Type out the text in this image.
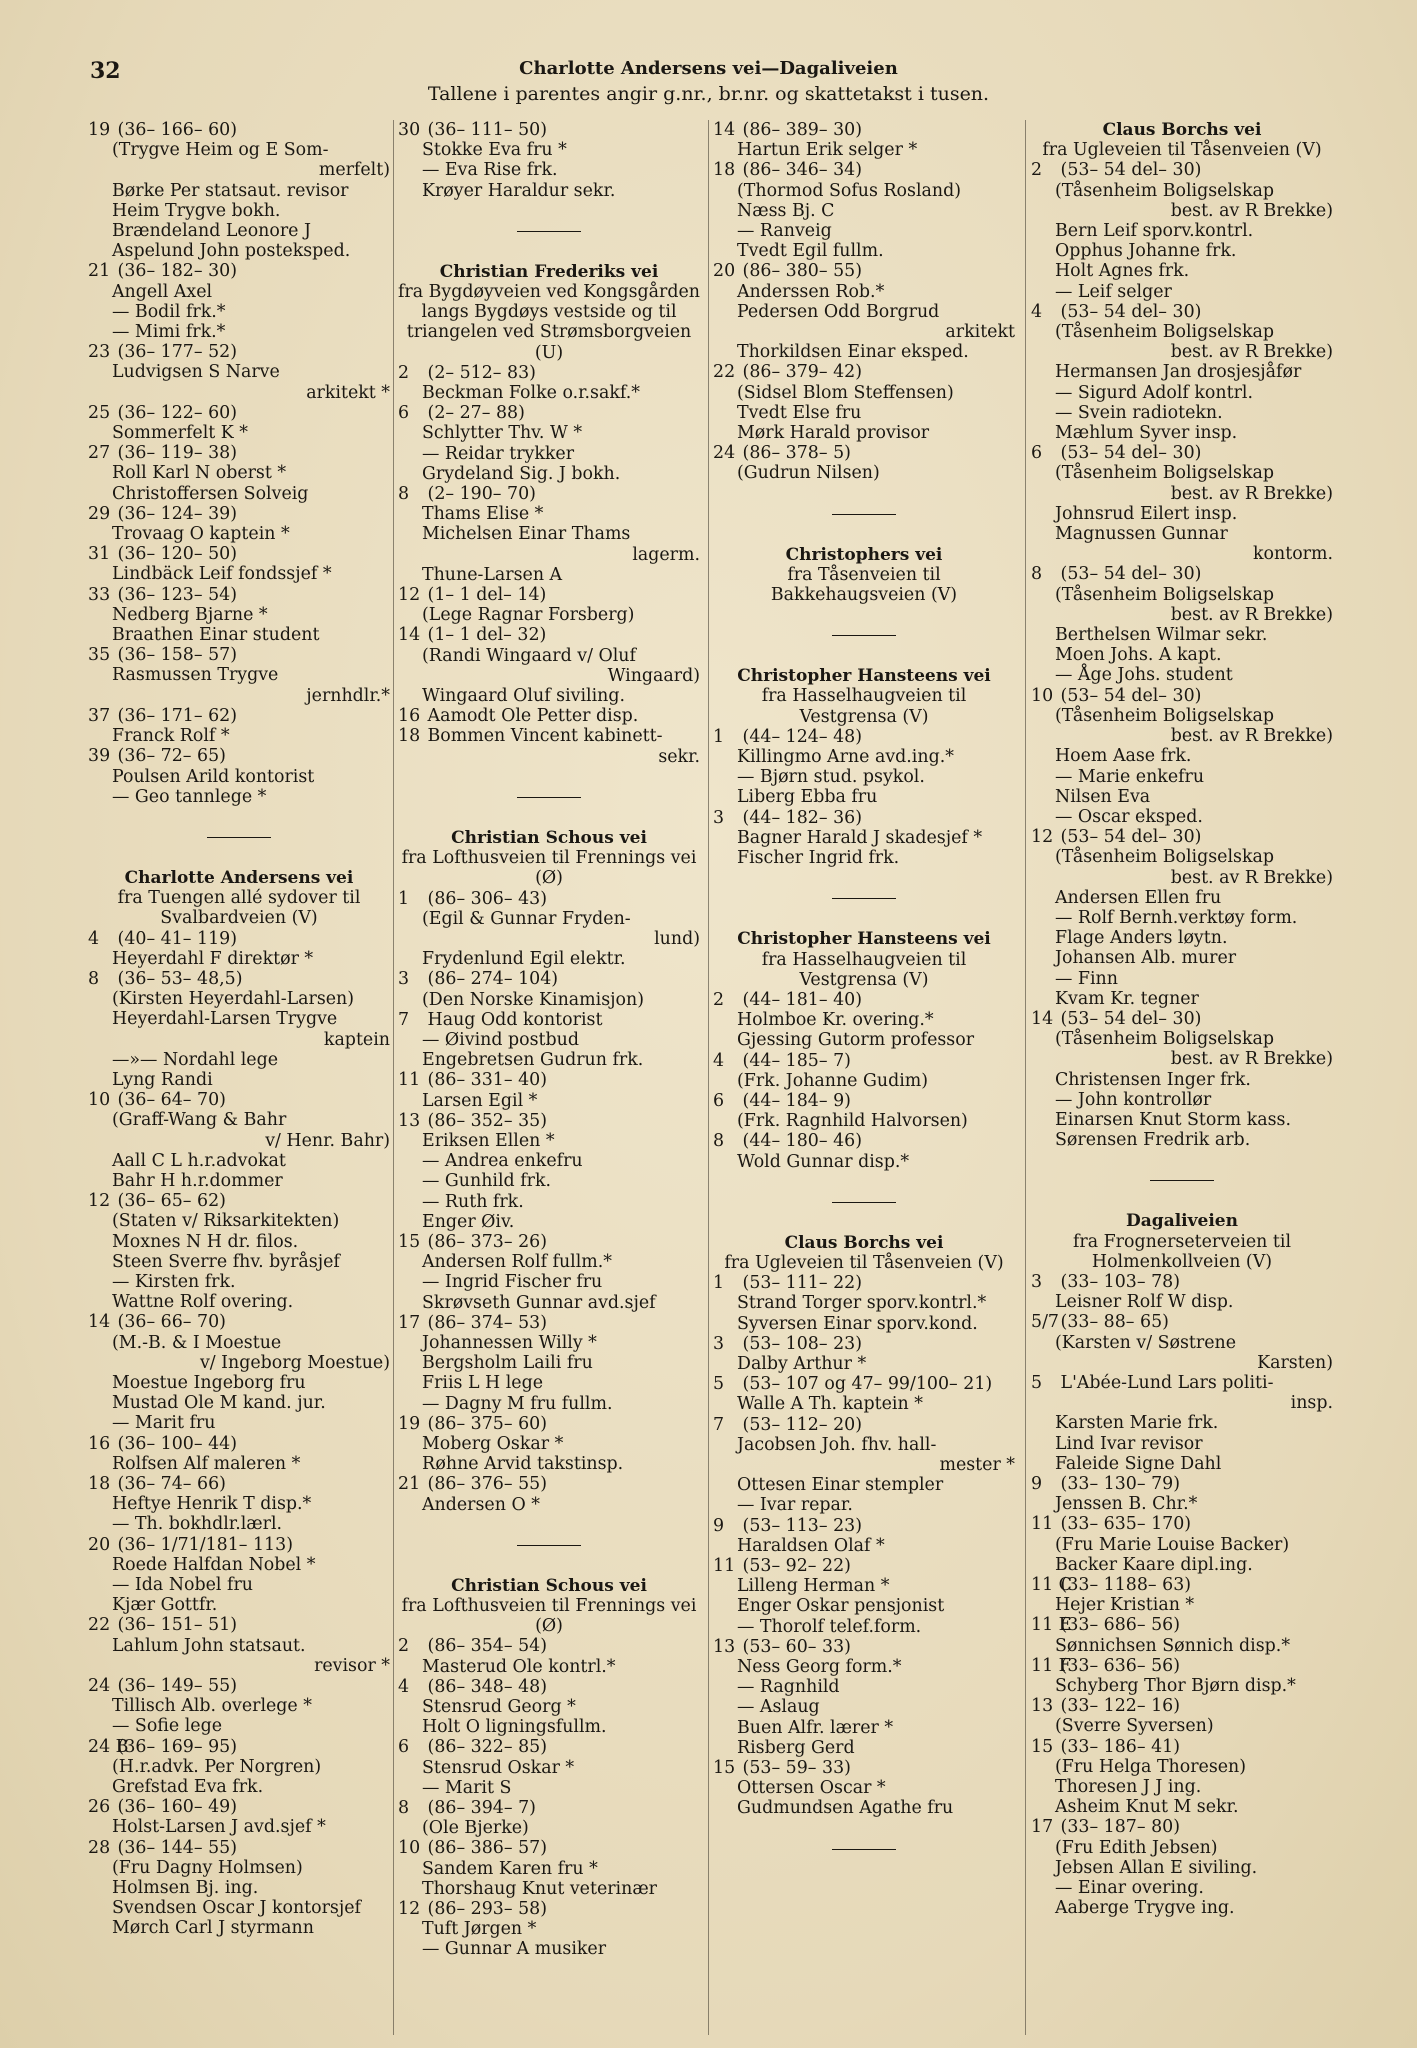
32	Charlotte Andersens vei—Dagaliveien
Tallene i parentes angir g.nr., br.nr. og skattetakst i tusen.
19 (36– 166– 60)
(Trygve Heim og E Som-
merfelt)
Børke Per statsaut. revisor
Heim Trygve bokh.
Brændeland Leonore J
Aspelund John posteksped.
21 (36– 182– 30)
Angell Axel
— Bodil frk.*
— Mimi frk.*
23 (36– 177– 52)
Ludvigsen S Narve
arkitekt *
25 (36– 122– 60)
Sommerfelt K *
27 (36– 119– 38)
Roll Karl N oberst *
Christoffersen Solveig
29 (36– 124– 39)
Trovaag O kaptein *
31 (36– 120– 50)
Lindbäck Leif fondssjef *
33 (36– 123– 54)
Nedberg Bjarne *
Braathen Einar student
35 (36– 158– 57)
Rasmussen Trygve
jernhdlr.*
37 (36– 171– 62)
Franck Rolf *
39 (36– 72– 65)
Poulsen Arild kontorist
— Geo tannlege *
Charlotte Andersens vei
fra Tuengen allé sydover til Svalbardveien (V)
4 (40– 41– 119)
Heyerdahl F direktør *
8 (36– 53– 48,5)
(Kirsten Heyerdahl-Larsen)
Heyerdahl-Larsen Trygve
kaptein
—»— Nordahl lege
Lyng Randi
10 (36– 64– 70)
(Graff-Wang & Bahr
v/ Henr. Bahr)
Aall C L h.r.advokat
Bahr H h.r.dommer
12 (36– 65– 62)
(Staten v/ Riksarkitekten)
Moxnes N H dr. filos.
Steen Sverre fhv. byråsjef
— Kirsten frk.
Wattne Rolf overing.
14 (36– 66– 70)
(M.-B. & I Moestue
v/ Ingeborg Moestue)
Moestue Ingeborg fru
Mustad Ole M kand. jur.
— Marit fru
16 (36– 100– 44)
Rolfsen Alf maleren *
18 (36– 74– 66)
Heftye Henrik T disp.*
— Th. bokhdlr.lærl.
20 (36– 1/71/181– 113)
Roede Halfdan Nobel *
— Ida Nobel fru
Kjær Gottfr.
22 (36– 151– 51)
Lahlum John statsaut.
revisor *
24 (36– 149– 55)
Tillisch Alb. overlege *
— Sofie lege
24 B (36– 169– 95)
(H.r.advk. Per Norgren)
Grefstad Eva frk.
26 (36– 160– 49)
Holst-Larsen J avd.sjef *
28 (36– 144– 55)
(Fru Dagny Holmsen)
Holmsen Bj. ing.
Svendsen Oscar J kontorsjef
Mørch Carl J styrmann
30 (36– 111– 50)
Stokke Eva fru *
— Eva Rise frk.
Krøyer Haraldur sekr.
Christian Frederiks vei
fra Bygdøyveien ved Kongsgården langs Bygdøys vestside og til triangelen ved Strømsborgveien (U)
2 (2– 512– 83)
Beckman Folke o.r.sakf.*
6 (2– 27– 88)
Schlytter Thv. W *
— Reidar trykker
Grydeland Sig. J bokh.
8 (2– 190– 70)
Thams Elise *
Michelsen Einar Thams
lagerm.
Thune-Larsen A
12 (1– 1 del– 14)
(Lege Ragnar Forsberg)
14 (1– 1 del– 32)
(Randi Wingaard v/ Oluf
Wingaard)
Wingaard Oluf siviling.
16 Aamodt Ole Petter disp.
18 Bommen Vincent kabinett-
sekr.
Christian Schous vei
fra Lofthusveien til Frennings vei (Ø)
1 (86– 306– 43)
(Egil & Gunnar Fryden-
lund)
Frydenlund Egil elektr.
3 (86– 274– 104)
(Den Norske Kinamisjon)
7 Haug Odd kontorist
— Øivind postbud
Engebretsen Gudrun frk.
11 (86– 331– 40)
Larsen Egil *
13 (86– 352– 35)
Eriksen Ellen *
— Andrea enkefru
— Gunhild frk.
— Ruth frk.
Enger Øiv.
15 (86– 373– 26)
Andersen Rolf fullm.*
— Ingrid Fischer fru
Skrøvseth Gunnar avd.sjef
17 (86– 374– 53)
Johannessen Willy *
Bergsholm Laili fru
Friis L H lege
— Dagny M fru fullm.
19 (86– 375– 60)
Moberg Oskar *
Røhne Arvid takstinsp.
21 (86– 376– 55)
Andersen O *
Christian Schous vei
fra Lofthusveien til Frennings vei (Ø)
2 (86– 354– 54)
Masterud Ole kontrl.*
4 (86– 348– 48)
Stensrud Georg *
Holt O ligningsfullm.
6 (86– 322– 85)
Stensrud Oskar *
— Marit S
8 (86– 394– 7)
(Ole Bjerke)
10 (86– 386– 57)
Sandem Karen fru *
Thorshaug Knut veterinær
12 (86– 293– 58)
Tuft Jørgen *
— Gunnar A musiker
14 (86– 389– 30)
Hartun Erik selger *
18 (86– 346– 34)
(Thormod Sofus Rosland)
Næss Bj. C
— Ranveig
Tvedt Egil fullm.
20 (86– 380– 55)
Anderssen Rob.*
Pedersen Odd Borgrud
arkitekt
Thorkildsen Einar eksped.
22 (86– 379– 42)
(Sidsel Blom Steffensen)
Tvedt Else fru
Mørk Harald provisor
24 (86– 378– 5)
(Gudrun Nilsen)
Christophers vei
fra Tåsenveien til Bakkehaugsveien (V)
Christopher Hansteens vei
fra Hasselhaugveien til Vestgrensa (V)
1 (44– 124– 48)
Killingmo Arne avd.ing.*
— Bjørn stud. psykol.
Liberg Ebba fru
3 (44– 182– 36)
Bagner Harald J skadesjef *
Fischer Ingrid frk.
Christopher Hansteens vei
fra Hasselhaugveien til Vestgrensa (V)
2 (44– 181– 40)
Holmboe Kr. overing.*
Gjessing Gutorm professor
4 (44– 185– 7)
(Frk. Johanne Gudim)
6 (44– 184– 9)
(Frk. Ragnhild Halvorsen)
8 (44– 180– 46)
Wold Gunnar disp.*
Claus Borchs vei
fra Ugleveien til Tåsenveien (V)
1 (53– 111– 22)
Strand Torger sporv.kontrl.*
Syversen Einar sporv.kond.
3 (53– 108– 23)
Dalby Arthur *
5 (53– 107 og 47– 99/100– 21)
Walle A Th. kaptein *
7 (53– 112– 20)
Jacobsen Joh. fhv. hall-
mester *
Ottesen Einar stempler
— Ivar repar.
9 (53– 113– 23)
Haraldsen Olaf *
11 (53– 92– 22)
Lilleng Herman *
Enger Oskar pensjonist
— Thorolf telef.form.
13 (53– 60– 33)
Ness Georg form.*
— Ragnhild
— Aslaug
Buen Alfr. lærer *
Risberg Gerd
15 (53– 59– 33)
Ottersen Oscar *
Gudmundsen Agathe fru
Claus Borchs vei
fra Ugleveien til Tåsenveien (V)
2 (53– 54 del– 30)
(Tåsenheim Boligselskap
best. av R Brekke)
Bern Leif sporv.kontrl.
Opphus Johanne frk.
Holt Agnes frk.
— Leif selger
4 (53– 54 del– 30)
(Tåsenheim Boligselskap
best. av R Brekke)
Hermansen Jan drosjesjåfør
— Sigurd Adolf kontrl.
— Svein radiotekn.
Mæhlum Syver insp.
6 (53– 54 del– 30)
(Tåsenheim Boligselskap
best. av R Brekke)
Johnsrud Eilert insp.
Magnussen Gunnar
kontorm.
8 (53– 54 del– 30)
(Tåsenheim Boligselskap
best. av R Brekke)
Berthelsen Wilmar sekr.
Moen Johs. A kapt.
— Åge Johs. student
10 (53– 54 del– 30)
(Tåsenheim Boligselskap
best. av R Brekke)
Hoem Aase frk.
— Marie enkefru
Nilsen Eva
— Oscar eksped.
12 (53– 54 del– 30)
(Tåsenheim Boligselskap
best. av R Brekke)
Andersen Ellen fru
— Rolf Bernh.verktøy form.
Flage Anders løytn.
Johansen Alb. murer
— Finn
Kvam Kr. tegner
14 (53– 54 del– 30)
(Tåsenheim Boligselskap
best. av R Brekke)
Christensen Inger frk.
— John kontrollør
Einarsen Knut Storm kass.
Sørensen Fredrik arb.
Dagaliveien
fra Frognerseterveien til Holmenkollveien (V)
3 (33– 103– 78)
Leisner Rolf W disp.
5/7 (33– 88– 65)
(Karsten v/ Søstrene
Karsten)
5 L'Abée-Lund Lars politi-
insp.
Karsten Marie frk.
Lind Ivar revisor
Faleide Signe Dahl
9 (33– 130– 79)
Jenssen B. Chr.*
11 (33– 635– 170)
(Fru Marie Louise Backer)
Backer Kaare dipl.ing.
11 C (33– 1188– 63)
Hejer Kristian *
11 E (33– 686– 56)
Sønnichsen Sønnich disp.*
11 F (33– 636– 56)
Schyberg Thor Bjørn disp.*
13 (33– 122– 16)
(Sverre Syversen)
15 (33– 186– 41)
(Fru Helga Thoresen)
Thoresen J J ing.
Asheim Knut M sekr.
17 (33– 187– 80)
(Fru Edith Jebsen)
Jebsen Allan E siviling.
— Einar overing.
Aaberge Trygve ing.
